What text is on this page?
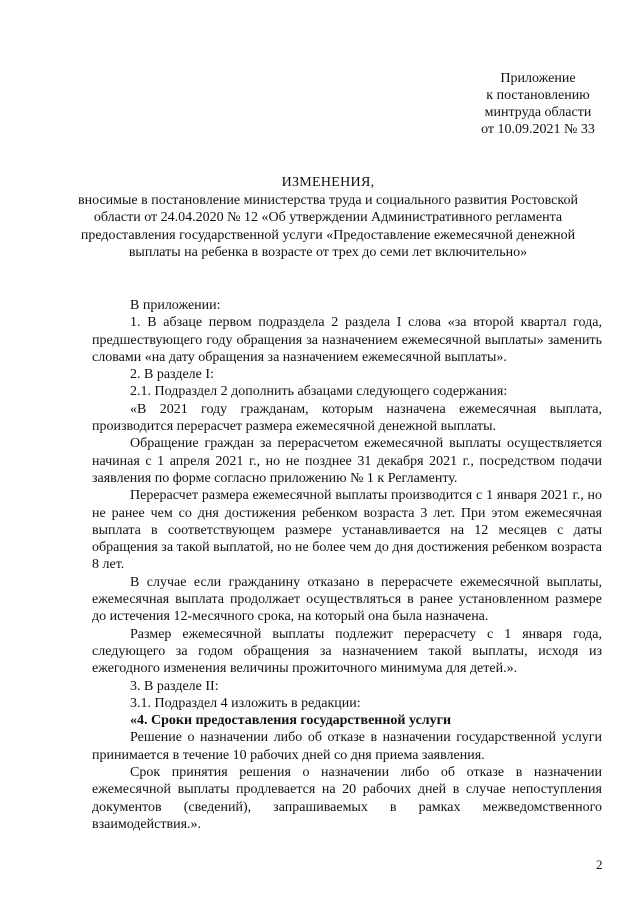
Приложение
к постановлению
минтруда области
от 10.09.2021 № 33
ИЗМЕНЕНИЯ,
вносимые в постановление министерства труда и социального развития Ростовской области от 24.04.2020 № 12 «Об утверждении Административного регламента предоставления государственной услуги «Предоставление ежемесячной денежной выплаты на ребенка в возрасте от трех до семи лет включительно»

В приложении:

1. В абзаце первом подраздела 2 раздела I слова «за второй квартал года, предшествующего году обращения за назначением ежемесячной выплаты» заменить словами «на дату обращения за назначением ежемесячной выплаты».

2. В разделе I:

2.1. Подраздел 2 дополнить абзацами следующего содержания:

«В 2021 году гражданам, которым назначена ежемесячная выплата, производится перерасчет размера ежемесячной денежной выплаты.

Обращение граждан за перерасчетом ежемесячной выплаты осуществляется начиная с 1 апреля 2021 г., но не позднее 31 декабря 2021 г., посредством подачи заявления по форме согласно приложению № 1 к Регламенту.

Перерасчет размера ежемесячной выплаты производится с 1 января 2021 г., но не ранее чем со дня достижения ребенком возраста 3 лет. При этом ежемесячная выплата в соответствующем размере устанавливается на 12 месяцев с даты обращения за такой выплатой, но не более чем до дня достижения ребенком возраста 8 лет.

В случае если гражданину отказано в перерасчете ежемесячной выплаты, ежемесячная выплата продолжает осуществляться в ранее установленном размере до истечения 12-месячного срока, на который она была назначена.

Размер ежемесячной выплаты подлежит перерасчету с 1 января года, следующего за годом обращения за назначением такой выплаты, исходя из ежегодного изменения величины прожиточного минимума для детей.».

3. В разделе II:

3.1. Подраздел 4 изложить в редакции:

«4. Сроки предоставления государственной услуги

Решение о назначении либо об отказе в назначении государственной услуги принимается в течение 10 рабочих дней со дня приема заявления.

Срок принятия решения о назначении либо об отказе в назначении ежемесячной выплаты продлевается на 20 рабочих дней в случае непоступления документов (сведений), запрашиваемых в рамках межведомственного взаимодействия.».

2
